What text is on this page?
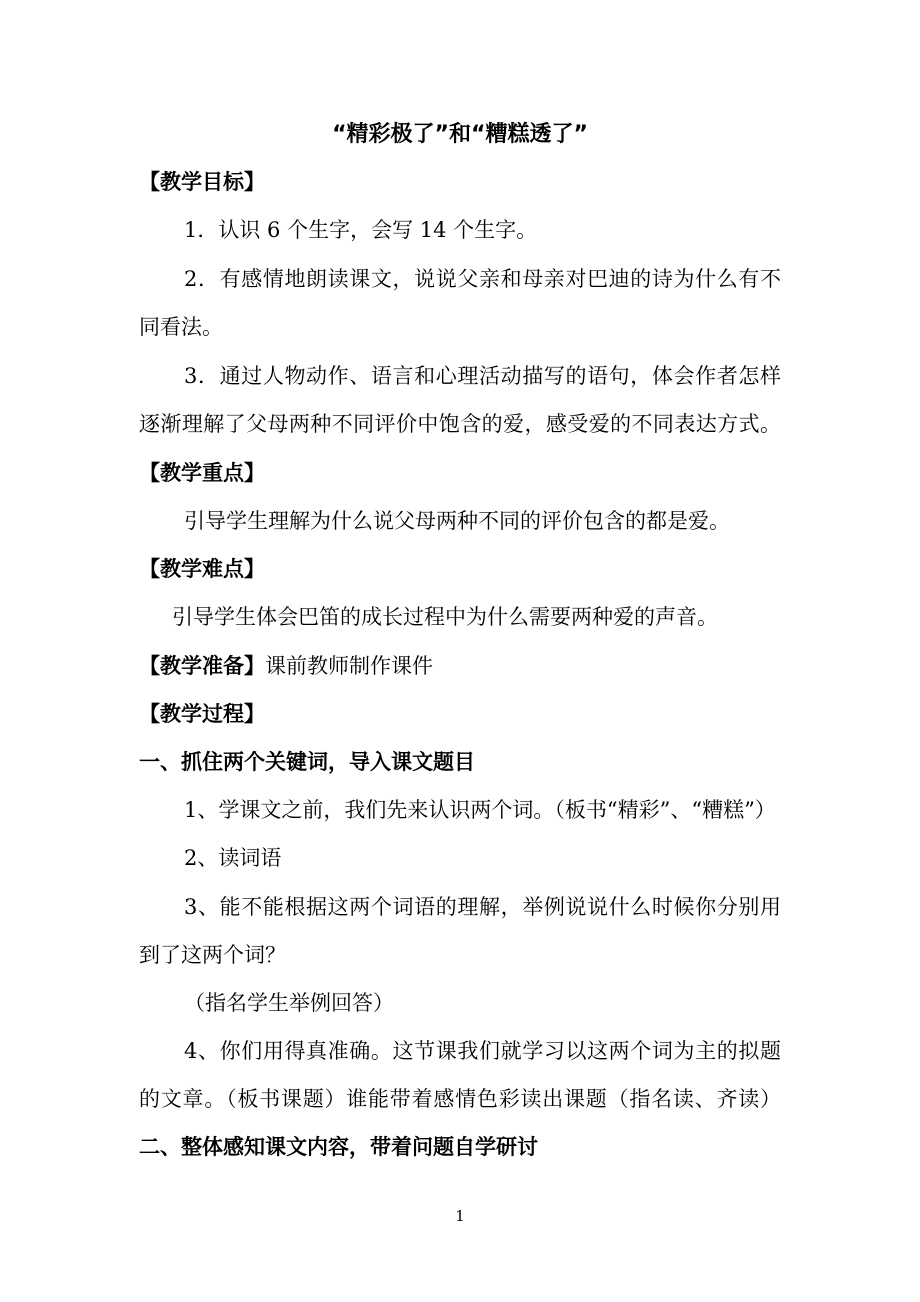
“精彩极了”和“糟糕透了”
【教学目标】
1．认识 6 个生字，会写 14 个生字。
2．有感情地朗读课文，说说父亲和母亲对巴迪的诗为什么有不
同看法。
3．通过人物动作、语言和心理活动描写的语句，体会作者怎样
逐渐理解了父母两种不同评价中饱含的爱，感受爱的不同表达方式。
【教学重点】
引导学生理解为什么说父母两种不同的评价包含的都是爱。
【教学难点】
引导学生体会巴笛的成长过程中为什么需要两种爱的声音。
【教学准备】课前教师制作课件
【教学过程】
一、抓住两个关键词，导入课文题目
1、学课文之前，我们先来认识两个词。（板书“精彩”、“糟糕”）
2、读词语
3、能不能根据这两个词语的理解，举例说说什么时候你分别用
到了这两个词？
（指名学生举例回答）
4、你们用得真准确。这节课我们就学习以这两个词为主的拟题
的文章。（板书课题）谁能带着感情色彩读出课题（指名读、齐读）
二、整体感知课文内容，带着问题自学研讨
1
